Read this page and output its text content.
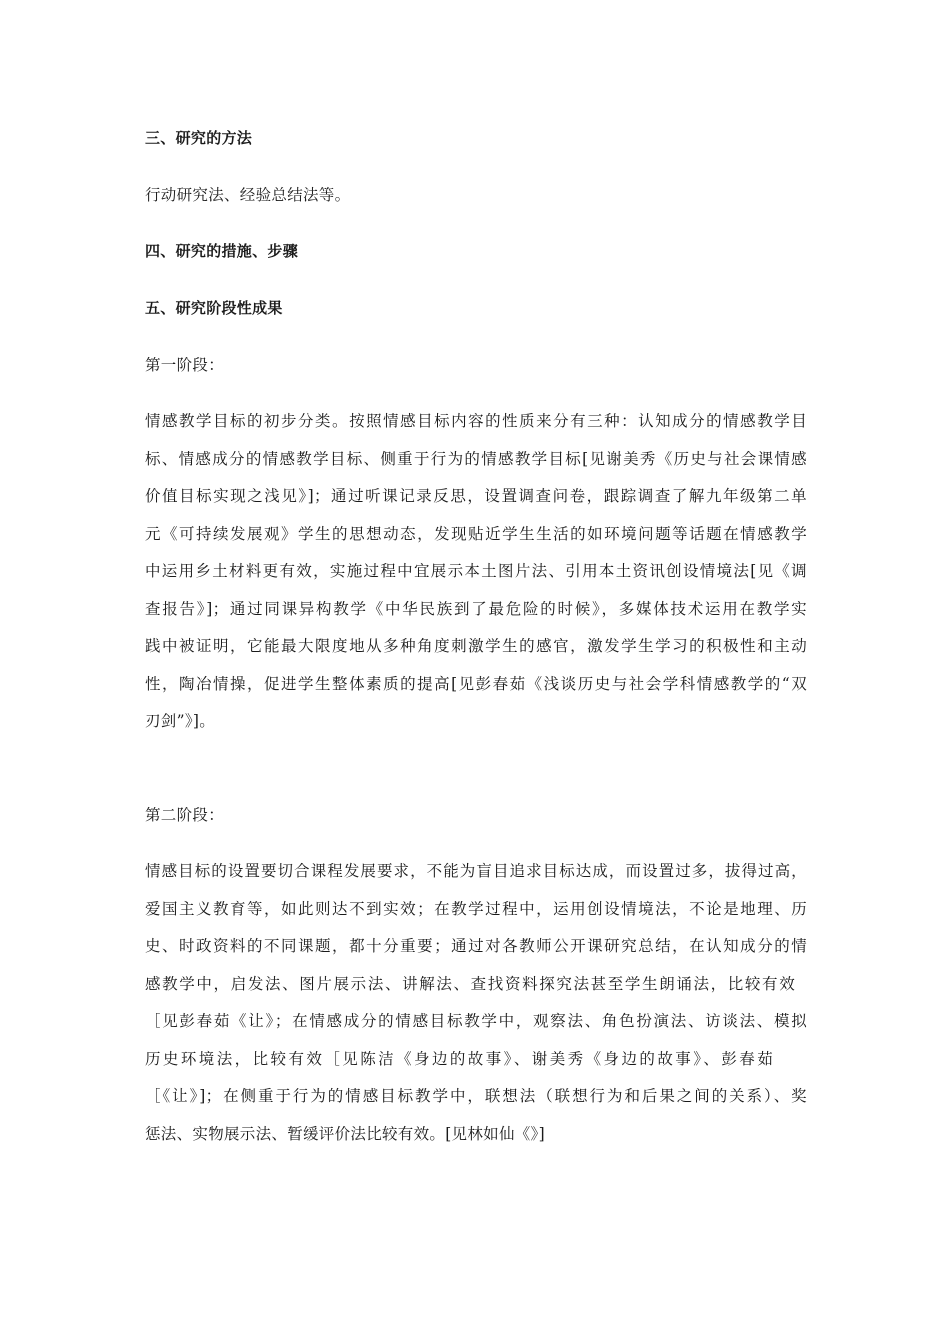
三、研究的方法
行动研究法、经验总结法等。
四、研究的措施、步骤
五、研究阶段性成果
第一阶段：
情感教学目标的初步分类。按照情感目标内容的性质来分有三种：认知成分的情感教学目
标、情感成分的情感教学目标、侧重于行为的情感教学目标[见谢美秀《历史与社会课情感
价值目标实现之浅见》]；通过听课记录反思，设置调查问卷，跟踪调查了解九年级第二单
元《可持续发展观》学生的思想动态，发现贴近学生生活的如环境问题等话题在情感教学
中运用乡土材料更有效，实施过程中宜展示本土图片法、引用本土资讯创设情境法[见《调
查报告》]；通过同课异构教学《中华民族到了最危险的时候》，多媒体技术运用在教学实
践中被证明，它能最大限度地从多种角度刺激学生的感官，激发学生学习的积极性和主动
性，陶冶情操，促进学生整体素质的提高[见彭春茹《浅谈历史与社会学科情感教学的“双
刃剑”》]。
第二阶段：
情感目标的设置要切合课程发展要求，不能为盲目追求目标达成，而设置过多，拔得过高，
爱国主义教育等，如此则达不到实效；在教学过程中，运用创设情境法，不论是地理、历
史、时政资料的不同课题，都十分重要；通过对各教师公开课研究总结，在认知成分的情
感教学中，启发法、图片展示法、讲解法、查找资料探究法甚至学生朗诵法，比较有效
［见彭春茹《让》；在情感成分的情感目标教学中，观察法、角色扮演法、访谈法、模拟
历史环境法，比较有效［见陈洁《身边的故事》、谢美秀《身边的故事》、彭春茹
［《让》]；在侧重于行为的情感目标教学中，联想法（联想行为和后果之间的关系）、奖
惩法、实物展示法、暂缓评价法比较有效。[见林如仙《》]
